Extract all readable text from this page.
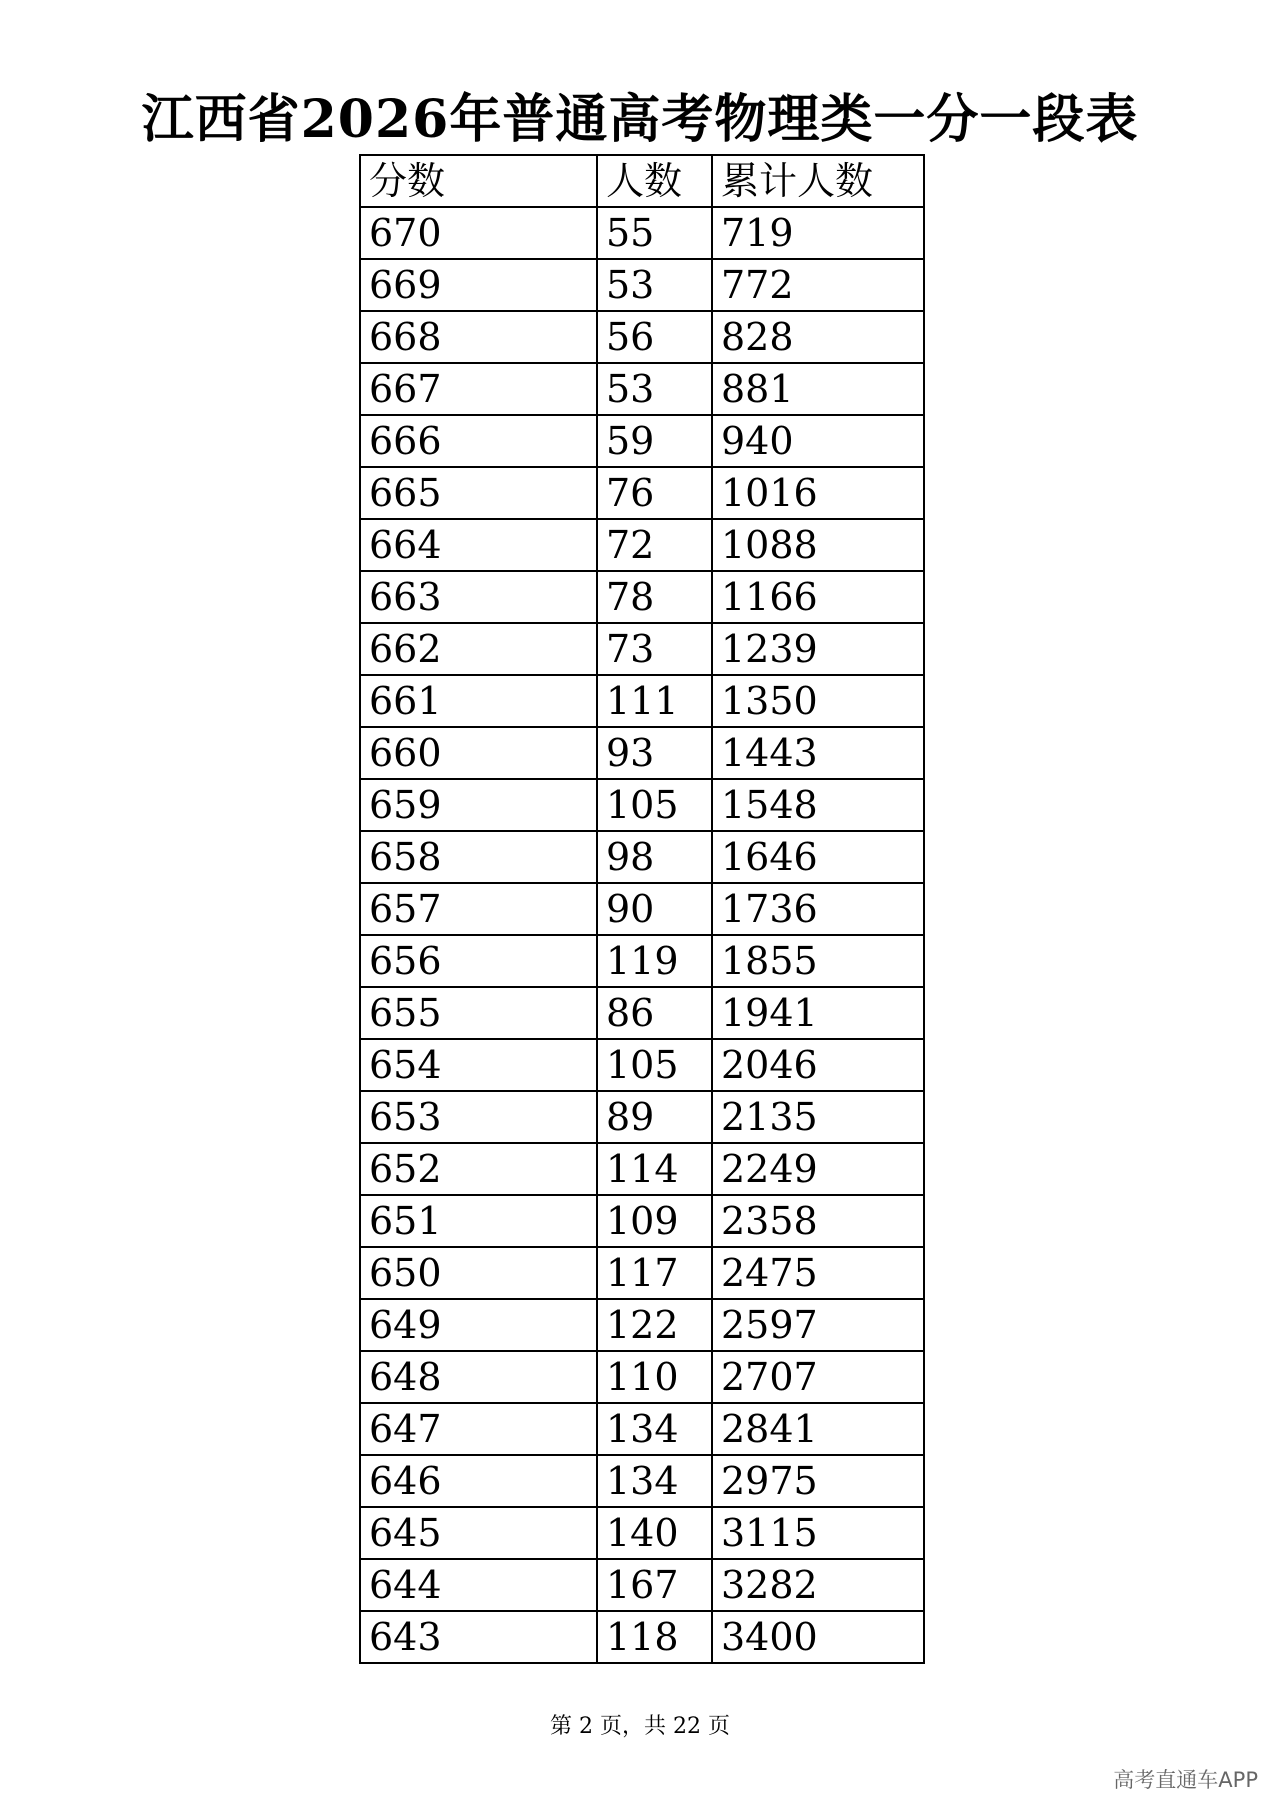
江西省2026年普通高考物理类一分一段表
分数	人数	累计人数
670	55	719
669	53	772
668	56	828
667	53	881
666	59	940
665	76	1016
664	72	1088
663	78	1166
662	73	1239
661	111	1350
660	93	1443
659	105	1548
658	98	1646
657	90	1736
656	119	1855
655	86	1941
654	105	2046
653	89	2135
652	114	2249
651	109	2358
650	117	2475
649	122	2597
648	110	2707
647	134	2841
646	134	2975
645	140	3115
644	167	3282
643	118	3400
第 2 页，共 22 页
高考直通车APP
